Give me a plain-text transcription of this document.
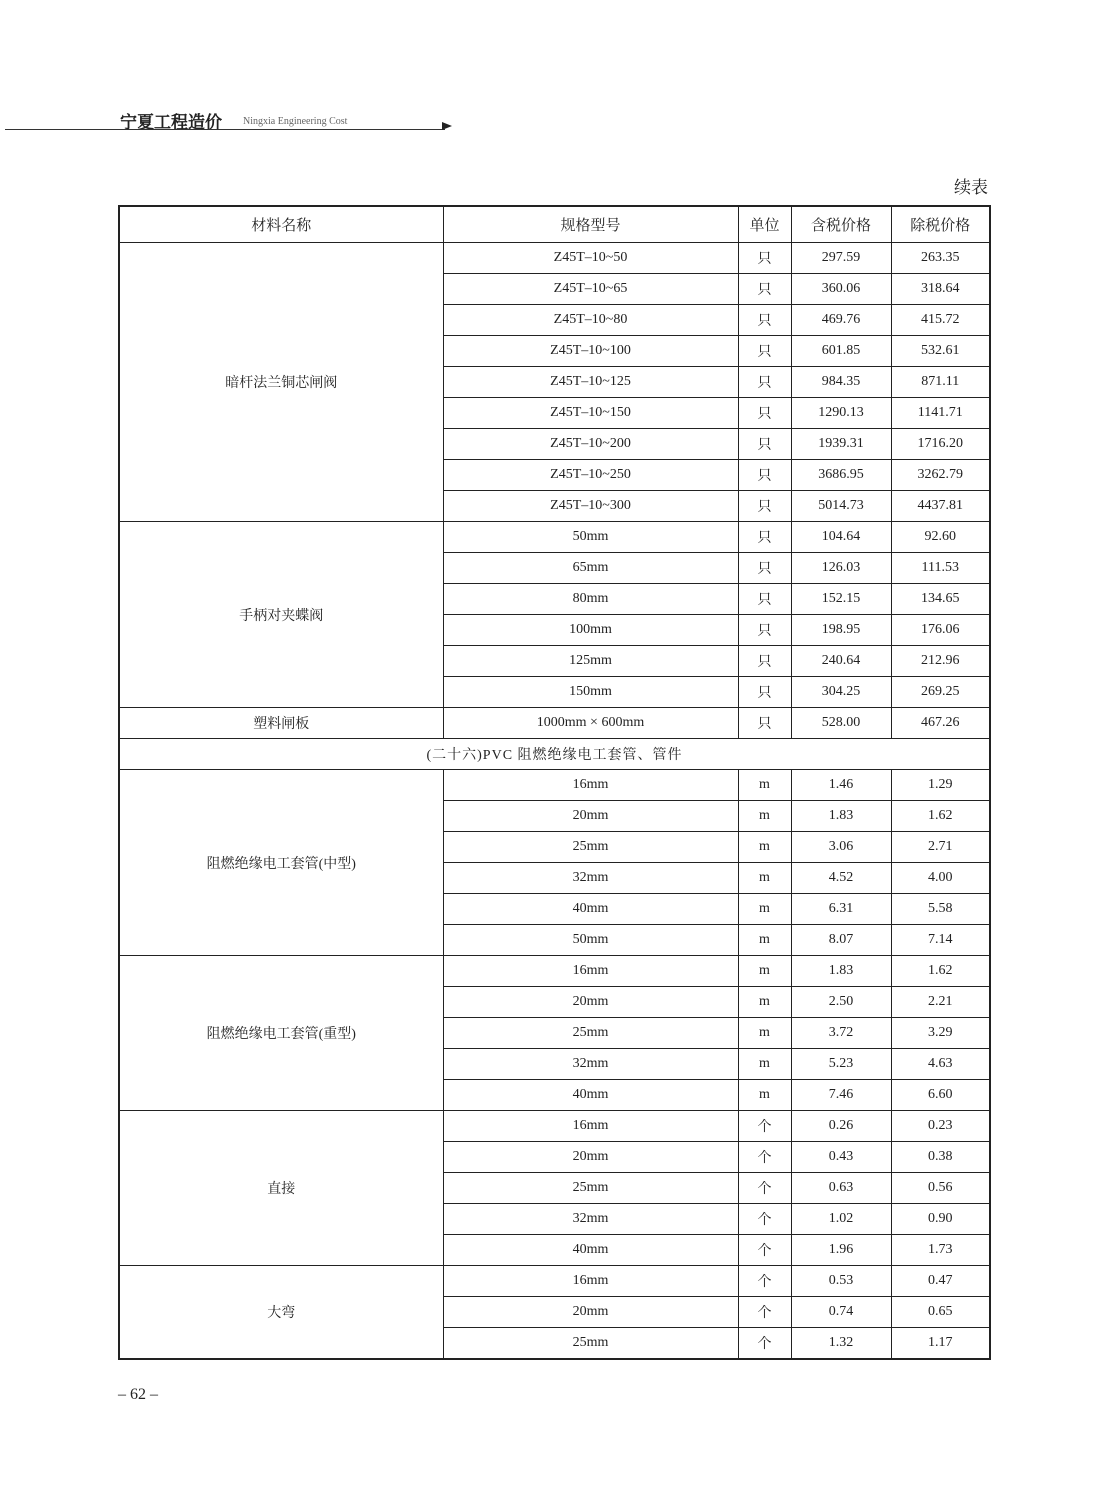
宁夏工程造价 Ningxia Engineering Cost
续表
材料名称	规格型号	单位	含税价格	除税价格
暗杆法兰铜芯闸阀	Z45T–10~50	只	297.59	263.35
	Z45T–10~65	只	360.06	318.64
	Z45T–10~80	只	469.76	415.72
	Z45T–10~100	只	601.85	532.61
	Z45T–10~125	只	984.35	871.11
	Z45T–10~150	只	1290.13	1141.71
	Z45T–10~200	只	1939.31	1716.20
	Z45T–10~250	只	3686.95	3262.79
	Z45T–10~300	只	5014.73	4437.81
手柄对夹蝶阀	50mm	只	104.64	92.60
	65mm	只	126.03	111.53
	80mm	只	152.15	134.65
	100mm	只	198.95	176.06
	125mm	只	240.64	212.96
	150mm	只	304.25	269.25
塑料闸板	1000mm × 600mm	只	528.00	467.26
(二十六)PVC 阻燃绝缘电工套管、管件				
阻燃绝缘电工套管(中型)	16mm	m	1.46	1.29
	20mm	m	1.83	1.62
	25mm	m	3.06	2.71
	32mm	m	4.52	4.00
	40mm	m	6.31	5.58
	50mm	m	8.07	7.14
阻燃绝缘电工套管(重型)	16mm	m	1.83	1.62
	20mm	m	2.50	2.21
	25mm	m	3.72	3.29
	32mm	m	5.23	4.63
	40mm	m	7.46	6.60
直接	16mm	个	0.26	0.23
	20mm	个	0.43	0.38
	25mm	个	0.63	0.56
	32mm	个	1.02	0.90
	40mm	个	1.96	1.73
大弯	16mm	个	0.53	0.47
	20mm	个	0.74	0.65
	25mm	个	1.32	1.17
– 62 –
